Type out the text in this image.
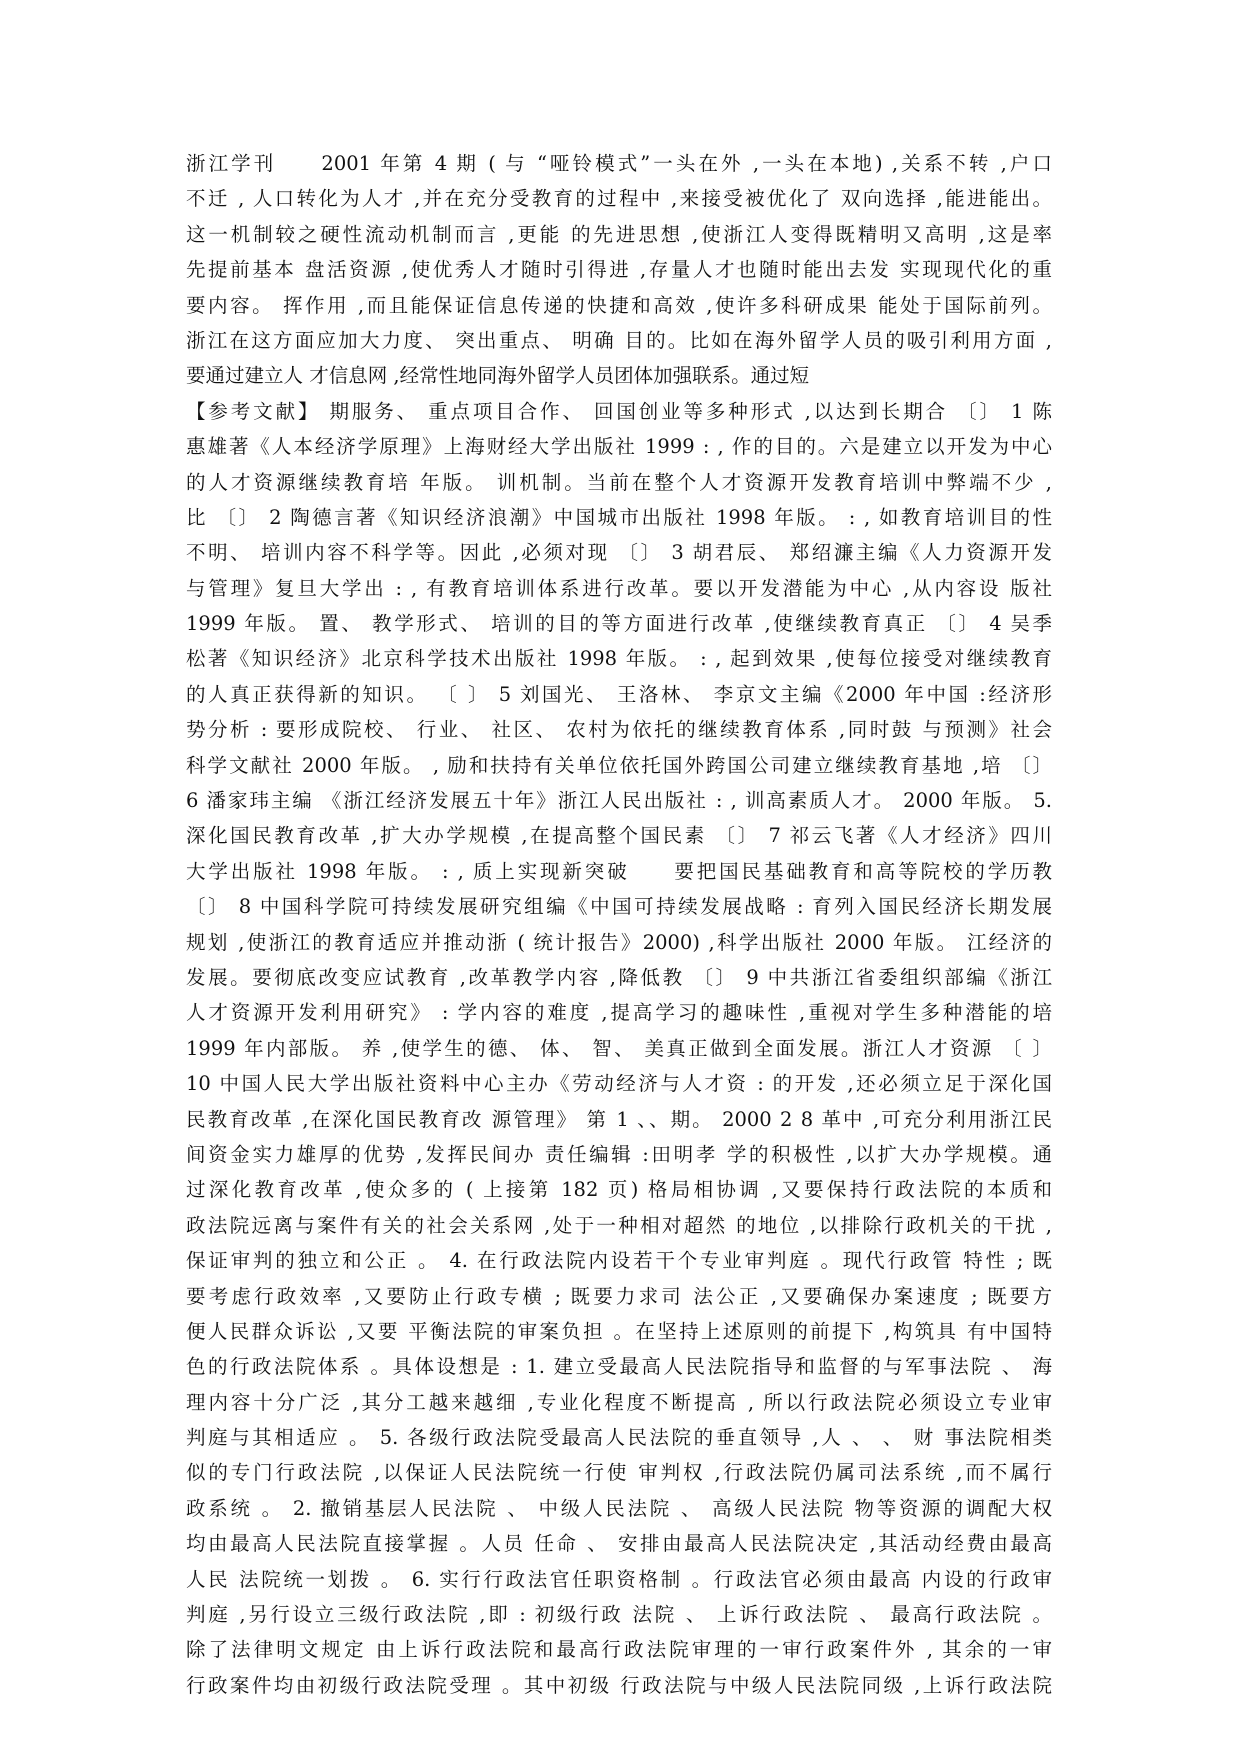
浙江学刊　　2001 年第 4 期 ( 与 “哑铃模式”一头在外 ,一头在本地) ,关系不转 ,户口
不迁 , 人口转化为人才 ,并在充分受教育的过程中 ,来接受被优化了 双向选择 ,能进能出。
这一机制较之硬性流动机制而言 ,更能 的先进思想 ,使浙江人变得既精明又高明 ,这是率
先提前基本 盘活资源 ,使优秀人才随时引得进 ,存量人才也随时能出去发 实现现代化的重
要内容。 挥作用 ,而且能保证信息传递的快捷和高效 ,使许多科研成果 能处于国际前列。
浙江在这方面应加大力度、 突出重点、 明确 目的。比如在海外留学人员的吸引利用方面 ,
要通过建立人 才信息网 ,经常性地同海外留学人员团体加强联系。通过短
【参考文献】 期服务、 重点项目合作、 回国创业等多种形式 ,以达到长期合 〔〕 1 陈
惠雄著《人本经济学原理》上海财经大学出版社 1999 : , 作的目的。六是建立以开发为中心
的人才资源继续教育培 年版。 训机制。当前在整个人才资源开发教育培训中弊端不少 ,
比 〔〕 2 陶德言著《知识经济浪潮》中国城市出版社 1998 年版。 : , 如教育培训目的性
不明、 培训内容不科学等。因此 ,必须对现 〔〕 3 胡君辰、 郑绍濂主编《人力资源开发
与管理》复旦大学出 : , 有教育培训体系进行改革。要以开发潜能为中心 ,从内容设 版社
1999 年版。 置、 教学形式、 培训的目的等方面进行改革 ,使继续教育真正 〔〕 4 吴季
松著《知识经济》北京科学技术出版社 1998 年版。 : , 起到效果 ,使每位接受对继续教育
的人真正获得新的知识。 〔 〕 5 刘国光、 王洛林、 李京文主编《2000 年中国 :经济形
势分析 : 要形成院校、 行业、 社区、 农村为依托的继续教育体系 ,同时鼓 与预测》社会
科学文献社 2000 年版。 , 励和扶持有关单位依托国外跨国公司建立继续教育基地 ,培 〔〕
6 潘家玮主编 《浙江经济发展五十年》浙江人民出版社 : , 训高素质人才。 2000 年版。 5.
深化国民教育改革 ,扩大办学规模 ,在提高整个国民素 〔〕 7 祁云飞著《人才经济》四川
大学出版社 1998 年版。 : , 质上实现新突破　　要把国民基础教育和高等院校的学历教
〔〕 8 中国科学院可持续发展研究组编《中国可持续发展战略 : 育列入国民经济长期发展
规划 ,使浙江的教育适应并推动浙 ( 统计报告》2000) ,科学出版社 2000 年版。 江经济的
发展。要彻底改变应试教育 ,改革教学内容 ,降低教 〔〕 9 中共浙江省委组织部编《浙江
人才资源开发利用研究》 : 学内容的难度 ,提高学习的趣味性 ,重视对学生多种潜能的培
1999 年内部版。 养 ,使学生的德、 体、 智、 美真正做到全面发展。浙江人才资源 〔 〕
10 中国人民大学出版社资料中心主办《劳动经济与人才资 : 的开发 ,还必须立足于深化国
民教育改革 ,在深化国民教育改 源管理》 第 1 、、期。 2000 2 8 革中 ,可充分利用浙江民
间资金实力雄厚的优势 ,发挥民间办 责任编辑 :田明孝 学的积极性 ,以扩大办学规模。通
过深化教育改革 ,使众多的 ( 上接第 182 页) 格局相协调 ,又要保持行政法院的本质和
政法院远离与案件有关的社会关系网 ,处于一种相对超然 的地位 ,以排除行政机关的干扰 ,
保证审判的独立和公正 。 4. 在行政法院内设若干个专业审判庭 。现代行政管 特性 ; 既
要考虑行政效率 ,又要防止行政专横 ; 既要力求司 法公正 ,又要确保办案速度 ; 既要方
便人民群众诉讼 ,又要 平衡法院的审案负担 。在坚持上述原则的前提下 ,构筑具 有中国特
色的行政法院体系 。具体设想是 : 1. 建立受最高人民法院指导和监督的与军事法院 、 海
理内容十分广泛 ,其分工越来越细 ,专业化程度不断提高 , 所以行政法院必须设立专业审
判庭与其相适应 。 5. 各级行政法院受最高人民法院的垂直领导 ,人 、 、 财 事法院相类
似的专门行政法院 ,以保证人民法院统一行使 审判权 ,行政法院仍属司法系统 ,而不属行
政系统 。 2. 撤销基层人民法院 、 中级人民法院 、 高级人民法院 物等资源的调配大权
均由最高人民法院直接掌握 。人员 任命 、 安排由最高人民法院决定 ,其活动经费由最高
人民 法院统一划拨 。 6. 实行行政法官任职资格制 。行政法官必须由最高 内设的行政审
判庭 ,另行设立三级行政法院 ,即 : 初级行政 法院 、 上诉行政法院 、 最高行政法院 。
除了法律明文规定 由上诉行政法院和最高行政法院审理的一审行政案件外 , 其余的一审
行政案件均由初级行政法院受理 。其中初级 行政法院与中级人民法院同级 ,上诉行政法院
